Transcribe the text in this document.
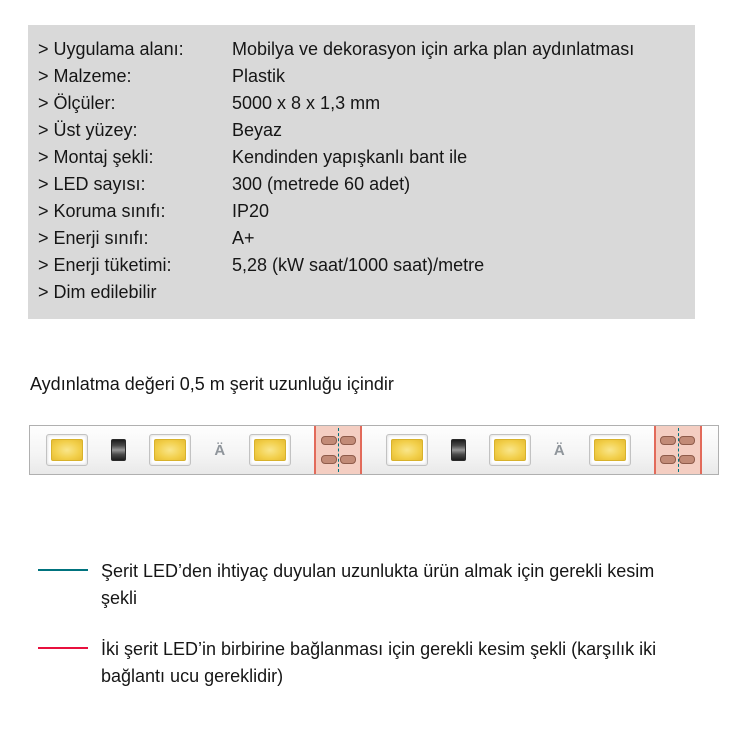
> Uygulama alanı:	Mobilya ve dekorasyon için arka plan aydınlatması
> Malzeme:	Plastik
> Ölçüler:	5000 x 8 x 1,3 mm
> Üst yüzey:	Beyaz
> Montaj şekli:	Kendinden yapışkanlı bant ile
> LED sayısı:	300 (metrede 60 adet)
> Koruma sınıfı:	IP20
> Enerji sınıfı:	A+
> Enerji tüketimi:	5,28 (kW saat/1000 saat)/metre
> Dim edilebilir

Aydınlatma değeri 0,5 m şerit uzunluğu içindir

Ä	Ä
Şerit LED’den ihtiyaç duyulan uzunlukta ürün almak için gerekli kesim şekli
İki şerit LED’in birbirine bağlanması için gerekli kesim şekli (karşılık iki bağlantı ucu gereklidir)
